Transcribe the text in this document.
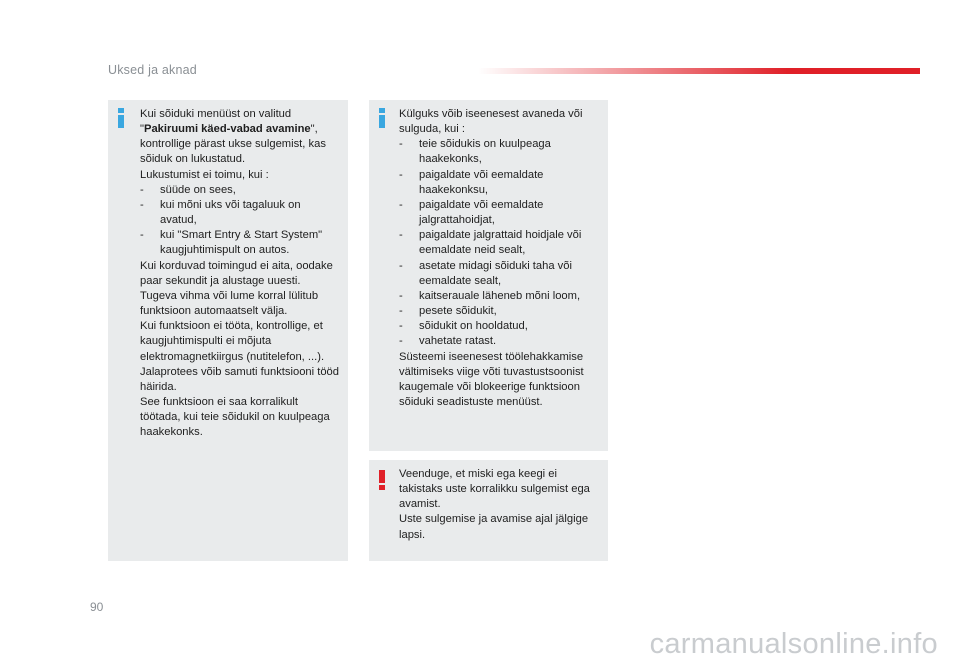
Uksed ja aknad

Kui sõiduki menüüst on valitud "Pakiruumi käed-vabad avamine", kontrollige pärast ukse sulgemist, kas sõiduk on lukustatud.

Lukustumist ei toimu, kui :

- süüde on sees,

- kui mõni uks või tagaluuk on avatud,

- kui "Smart Entry & Start System" kaugjuhtimispult on autos.

Kui korduvad toimingud ei aita, oodake paar sekundit ja alustage uuesti.

Tugeva vihma või lume korral lülitub funktsioon automaatselt välja.

Kui funktsioon ei tööta, kontrollige, et kaugjuhtimispulti ei mõjuta elektromagnetkiirgus (nutitelefon, ...).

Jalaprotees võib samuti funktsiooni tööd häirida.

See funktsioon ei saa korralikult töötada, kui teie sõidukil on kuulpeaga haakekonks.

Külguks võib iseenesest avaneda või sulguda, kui :

- teie sõidukis on kuulpeaga haakekonks,

- paigaldate või eemaldate haakekonksu,

- paigaldate või eemaldate jalgrattahoidjat,

- paigaldate jalgrattaid hoidjale või eemaldate neid sealt,

- asetate midagi sõiduki taha või eemaldate sealt,

- kaitserauale läheneb mõni loom,

- pesete sõidukit,

- sõidukit on hooldatud,

- vahetate ratast.

Süsteemi iseenesest töölehakkamise vältimiseks viige võti tuvastustsoonist kaugemale või blokeerige funktsioon sõiduki seadistuste menüüst.

Veenduge, et miski ega keegi ei takistaks uste korralikku sulgemist ega avamist.

Uste sulgemise ja avamise ajal jälgige lapsi.

90
carmanualsonline.info
